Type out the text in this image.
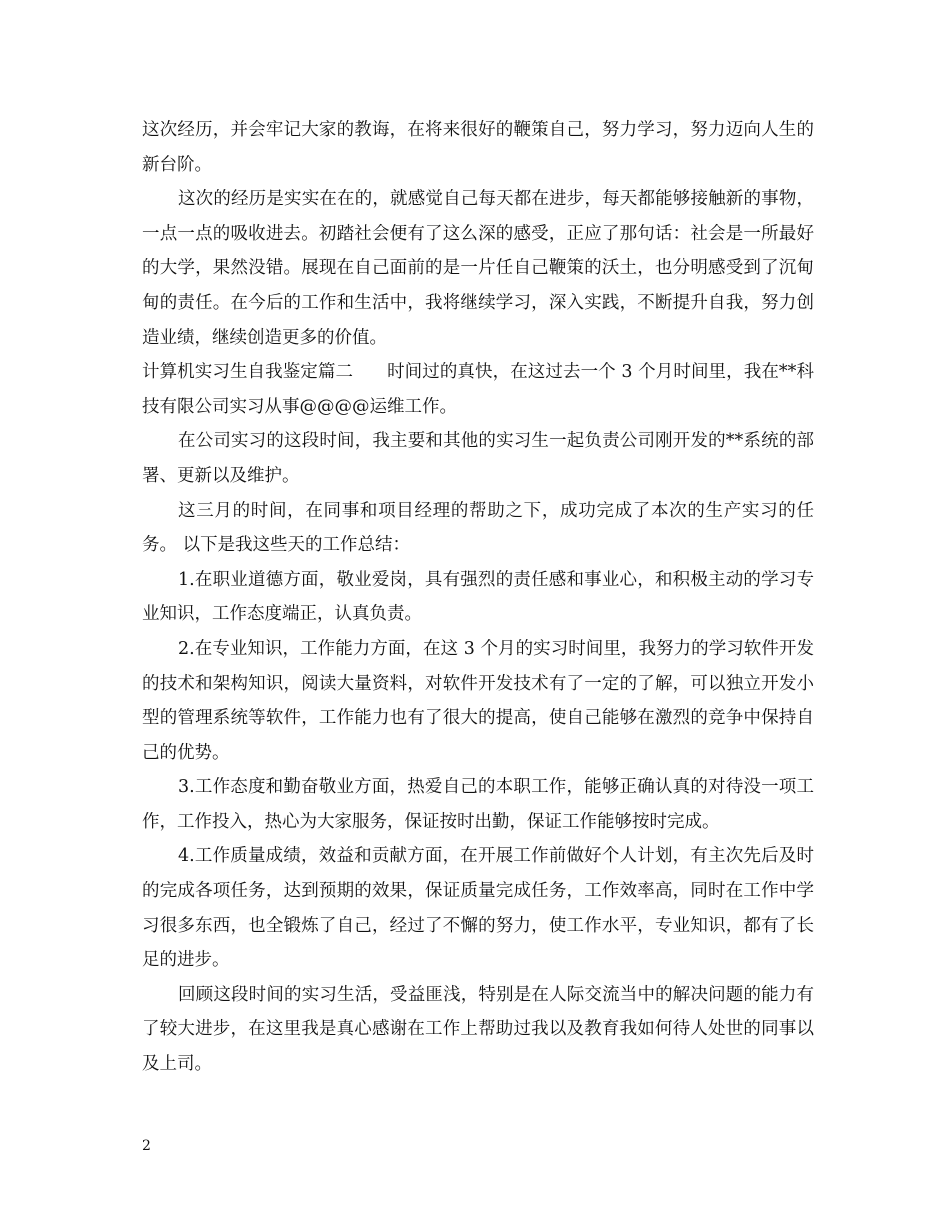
这次经历，并会牢记大家的教诲，在将来很好的鞭策自己，努力学习，努力迈向人生的新台阶。

这次的经历是实实在在的，就感觉自己每天都在进步，每天都能够接触新的事物，一点一点的吸收进去。初踏社会便有了这么深的感受，正应了那句话：社会是一所最好的大学，果然没错。展现在自己面前的是一片任自己鞭策的沃土，也分明感受到了沉甸甸的责任。在今后的工作和生活中，我将继续学习，深入实践，不断提升自我，努力创造业绩，继续创造更多的价值。

计算机实习生自我鉴定篇二 时间过的真快，在这过去一个 3 个月时间里，我在**科技有限公司实习从事@@@@运维工作。

在公司实习的这段时间，我主要和其他的实习生一起负责公司刚开发的**系统的部署、更新以及维护。

这三月的时间，在同事和项目经理的帮助之下，成功完成了本次的生产实习的任务。 以下是我这些天的工作总结：

1.在职业道德方面，敬业爱岗，具有强烈的责任感和事业心，和积极主动的学习专业知识，工作态度端正，认真负责。

2.在专业知识，工作能力方面，在这 3 个月的实习时间里，我努力的学习软件开发的技术和架构知识，阅读大量资料，对软件开发技术有了一定的了解，可以独立开发小型的管理系统等软件，工作能力也有了很大的提高，使自己能够在激烈的竞争中保持自己的优势。

3.工作态度和勤奋敬业方面，热爱自己的本职工作，能够正确认真的对待没一项工作，工作投入，热心为大家服务，保证按时出勤，保证工作能够按时完成。

4.工作质量成绩，效益和贡献方面，在开展工作前做好个人计划，有主次先后及时的完成各项任务，达到预期的效果，保证质量完成任务，工作效率高，同时在工作中学习很多东西，也全锻炼了自己，经过了不懈的努力，使工作水平，专业知识，都有了长足的进步。

回顾这段时间的实习生活，受益匪浅，特别是在人际交流当中的解决问题的能力有了较大进步，在这里我是真心感谢在工作上帮助过我以及教育我如何待人处世的同事以及上司。

2
